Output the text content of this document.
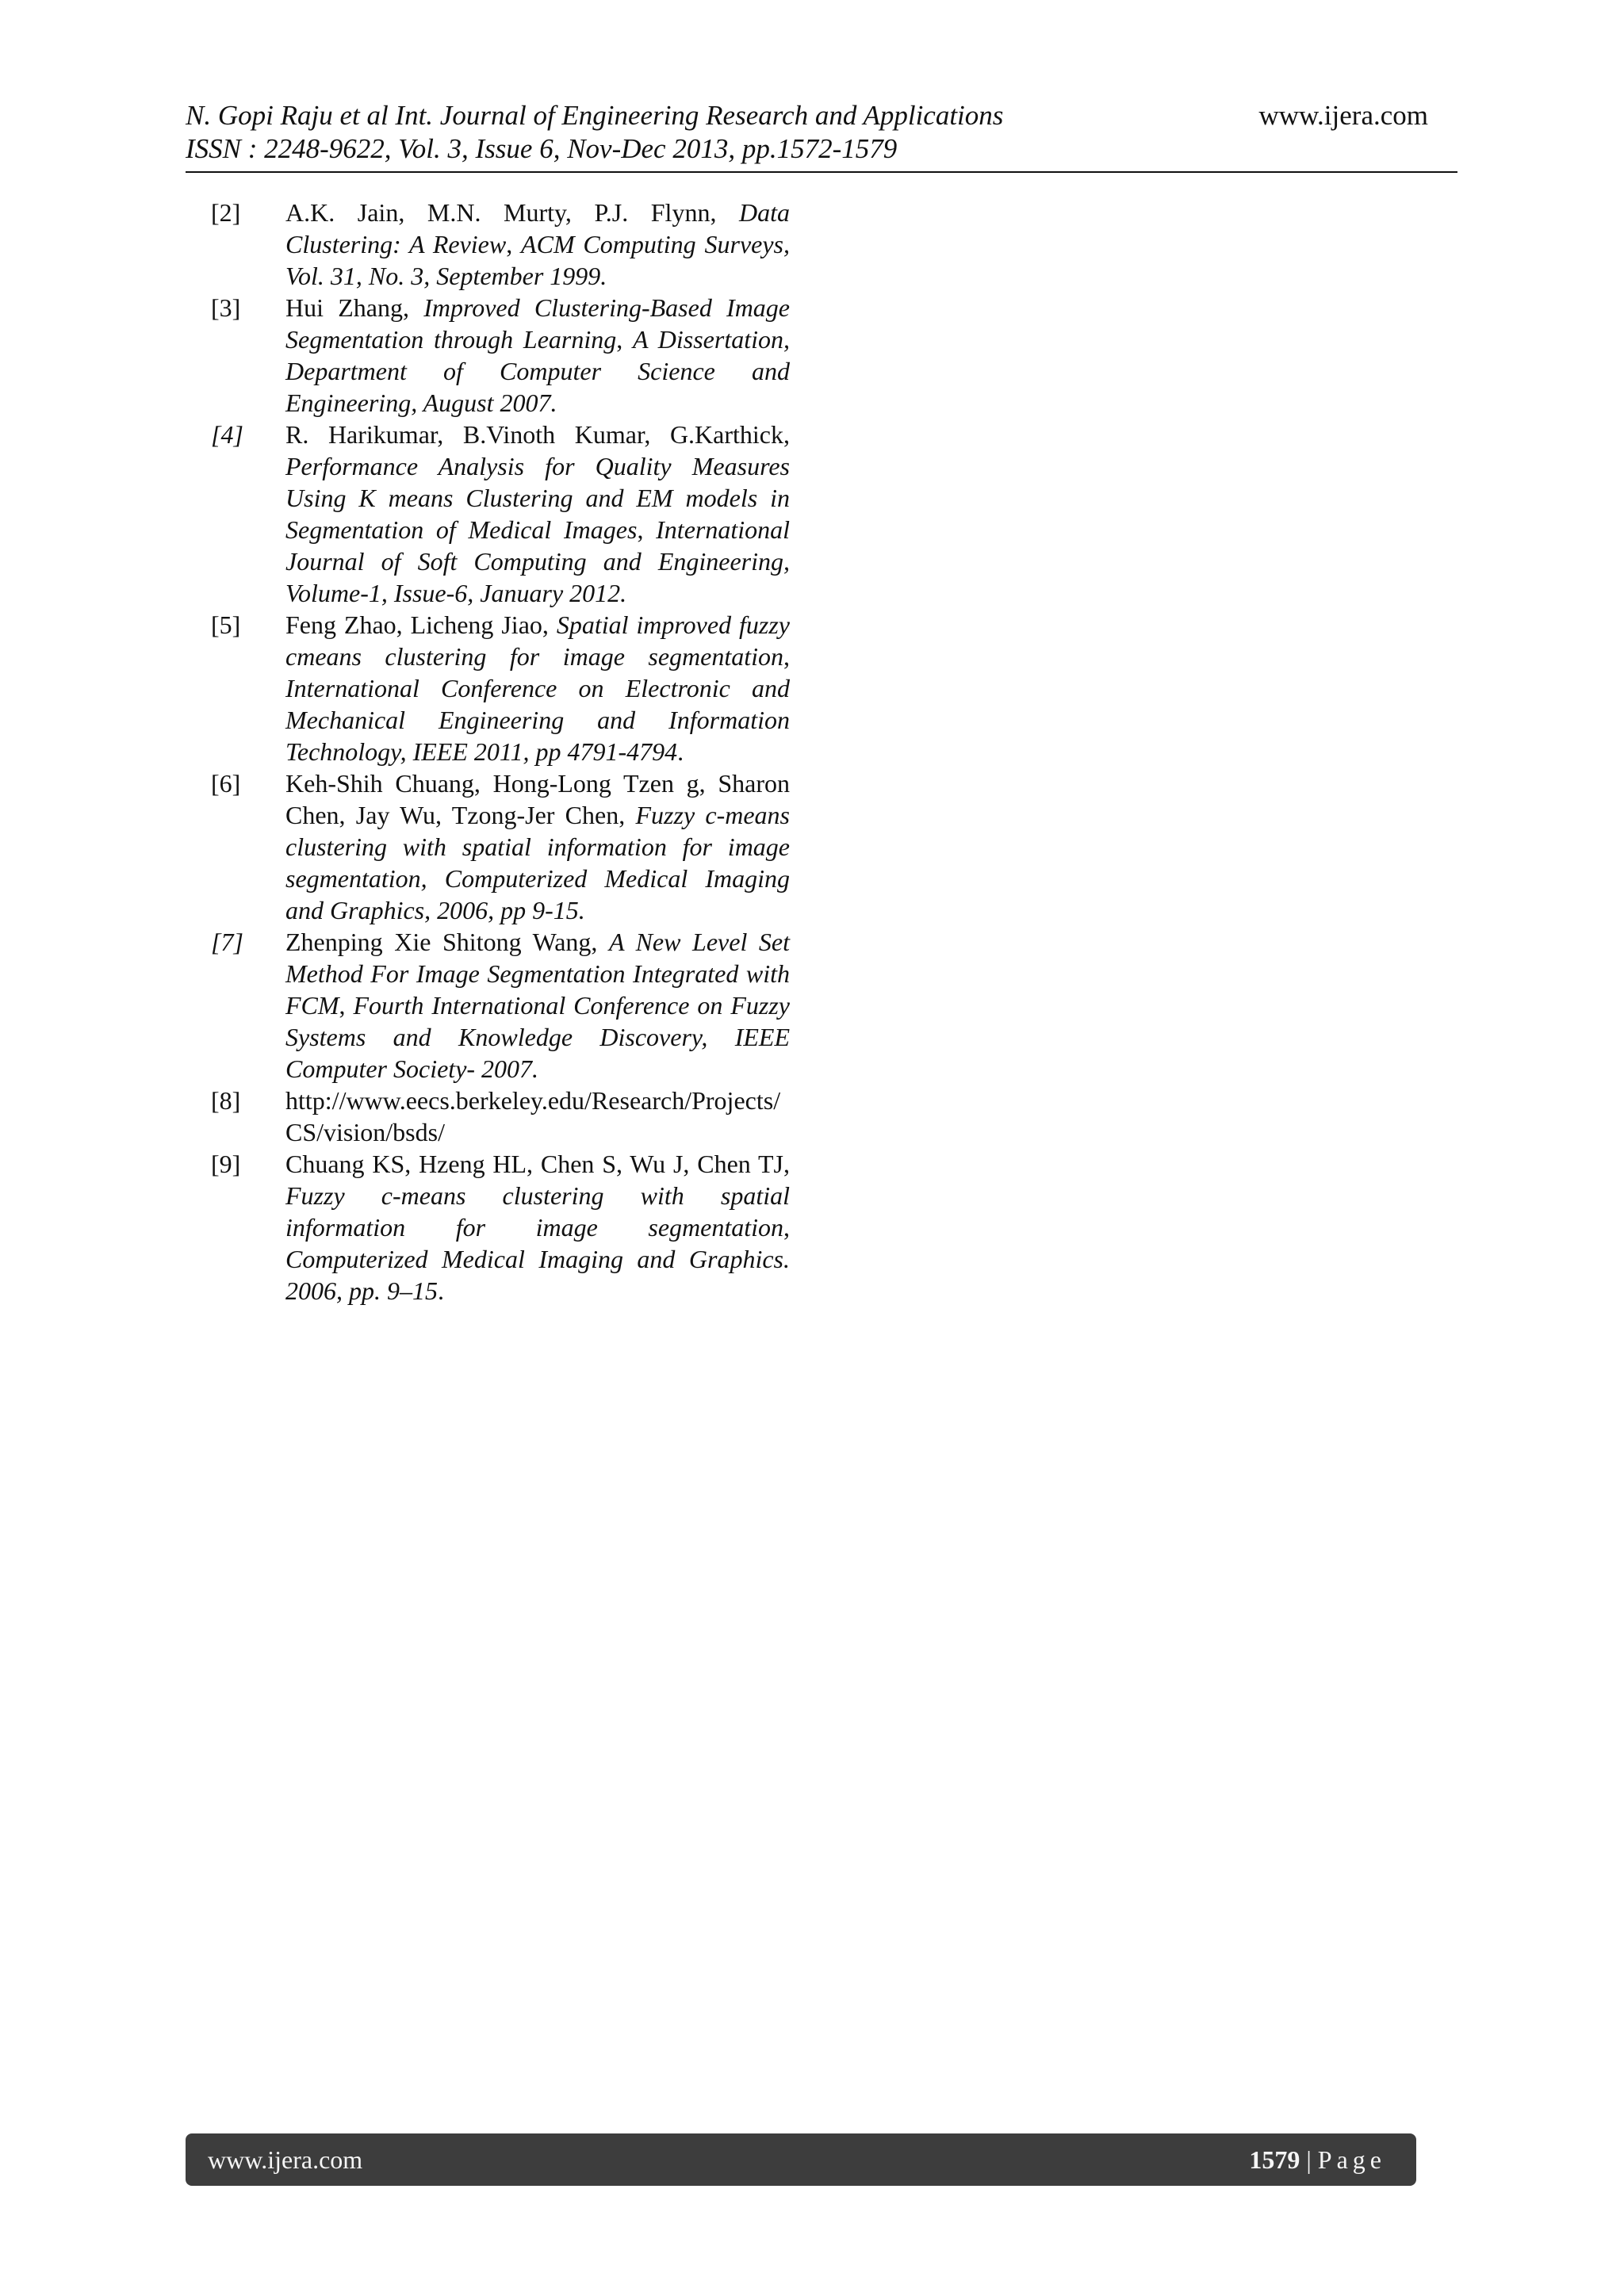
N. Gopi Raju et al Int. Journal of Engineering Research and Applications
ISSN : 2248-9622, Vol. 3, Issue 6, Nov-Dec 2013, pp.1572-1579
www.ijera.com
[2] A.K. Jain, M.N. Murty, P.J. Flynn, Data Clustering: A Review, ACM Computing Surveys, Vol. 31, No. 3, September 1999.
[3] Hui Zhang, Improved Clustering-Based Image Segmentation through Learning, A Dissertation, Department of Computer Science and Engineering, August 2007.
[4] R. Harikumar, B.Vinoth Kumar, G.Karthick, Performance Analysis for Quality Measures Using K means Clustering and EM models in Segmentation of Medical Images, International Journal of Soft Computing and Engineering, Volume-1, Issue-6, January 2012.
[5] Feng Zhao, Licheng Jiao, Spatial improved fuzzy cmeans clustering for image segmentation, International Conference on Electronic and Mechanical Engineering and Information Technology, IEEE 2011, pp 4791-4794.
[6] Keh-Shih Chuang, Hong-Long Tzen g, Sharon Chen, Jay Wu, Tzong-Jer Chen, Fuzzy c-means clustering with spatial information for image segmentation, Computerized Medical Imaging and Graphics, 2006, pp 9-15.
[7] Zhenping Xie Shitong Wang, A New Level Set Method For Image Segmentation Integrated with FCM, Fourth International Conference on Fuzzy Systems and Knowledge Discovery, IEEE Computer Society- 2007.
[8] http://www.eecs.berkeley.edu/Research/Projects/CS/vision/bsds/
[9] Chuang KS, Hzeng HL, Chen S, Wu J, Chen TJ, Fuzzy c-means clustering with spatial information for image segmentation, Computerized Medical Imaging and Graphics. 2006, pp. 9–15.
www.ijera.com	1579 | Page
